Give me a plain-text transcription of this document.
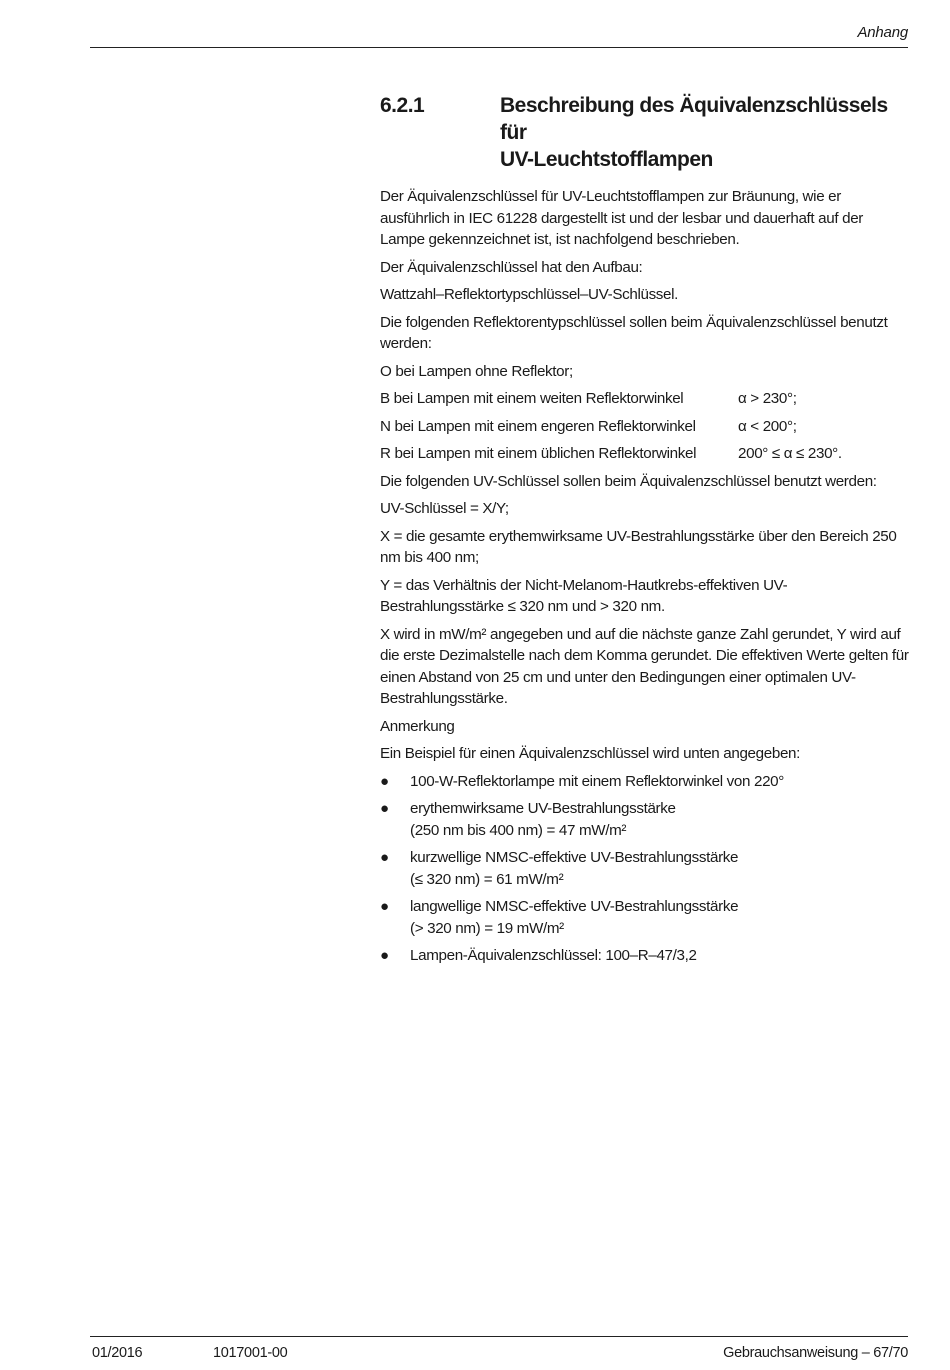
Anhang
6.2.1	Beschreibung des Äquivalenzschlüssels für
UV-Leuchtstofflampen

Der Äquivalenzschlüssel für UV-Leuchtstofflampen zur Bräunung, wie er ausführlich in IEC 61228 dargestellt ist und der lesbar und dauerhaft auf der Lampe gekennzeichnet ist, ist nachfolgend beschrieben.

Der Äquivalenzschlüssel hat den Aufbau:

Wattzahl–Reflektortypschlüssel–UV-Schlüssel.

Die folgenden Reflektorentypschlüssel sollen beim Äquivalenzschlüssel benutzt werden:

O bei Lampen ohne Reflektor;

B bei Lampen mit einem weiten Reflektorwinkel	α > 230°;
N bei Lampen mit einem engeren Reflektorwinkel	α < 200°;
R bei Lampen mit einem üblichen Reflektorwinkel	200° ≤ α ≤ 230°.

Die folgenden UV-Schlüssel sollen beim Äquivalenzschlüssel benutzt werden:

UV-Schlüssel = X/Y;

X = die gesamte erythemwirksame UV-Bestrahlungsstärke über den Bereich 250 nm bis 400 nm;

Y = das Verhältnis der Nicht-Melanom-Hautkrebs-effektiven UV-
Bestrahlungsstärke ≤ 320 nm und > 320 nm.

X wird in mW/m² angegeben und auf die nächste ganze Zahl gerundet, Y wird auf die erste Dezimalstelle nach dem Komma gerundet. Die effektiven Werte gelten für einen Abstand von 25 cm und unter den Bedingungen einer optimalen UV-Bestrahlungsstärke.

Anmerkung

Ein Beispiel für einen Äquivalenzschlüssel wird unten angegeben:

●	100-W-Reflektorlampe mit einem Reflektorwinkel von 220°
●	erythemwirksame UV-Bestrahlungsstärke
(250 nm bis 400 nm) = 47 mW/m²
●	kurzwellige NMSC-effektive UV-Bestrahlungsstärke
(≤ 320 nm) = 61 mW/m²
●	langwellige NMSC-effektive UV-Bestrahlungsstärke
(> 320 nm) = 19 mW/m²
●	Lampen-Äquivalenzschlüssel: 100–R–47/3,2
01/2016	1017001-00	Gebrauchsanweisung – 67/70
